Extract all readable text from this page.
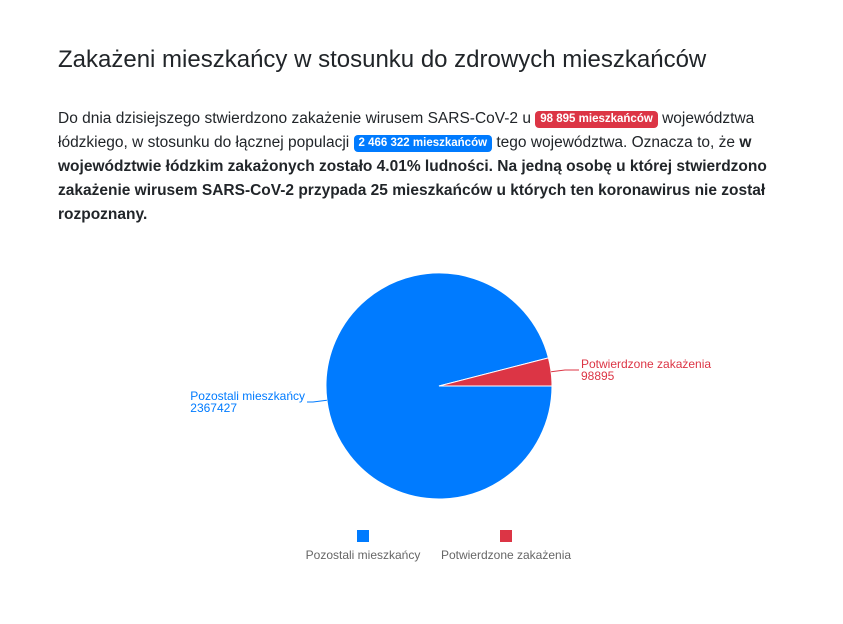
Zakażeni mieszkańcy w stosunku do zdrowych mieszkańców

Do dnia dzisiejszego stwierdzono zakażenie wirusem SARS-CoV-2 u 98 895 mieszkańców województwa łódzkiego, w stosunku do łącznej populacji 2 466 322 mieszkańców tego województwa. Oznacza to, że w województwie łódzkim zakażonych zostało 4.01% ludności. Na jedną osobę u której stwierdzono zakażenie wirusem SARS-CoV-2 przypada 25 mieszkańców u których ten koronawirus nie został rozpoznany.

Pozostali mieszkańcy
2367427
Potwierdzone zakażenia
98895
Pozostali mieszkańcy Potwierdzone zakażenia
